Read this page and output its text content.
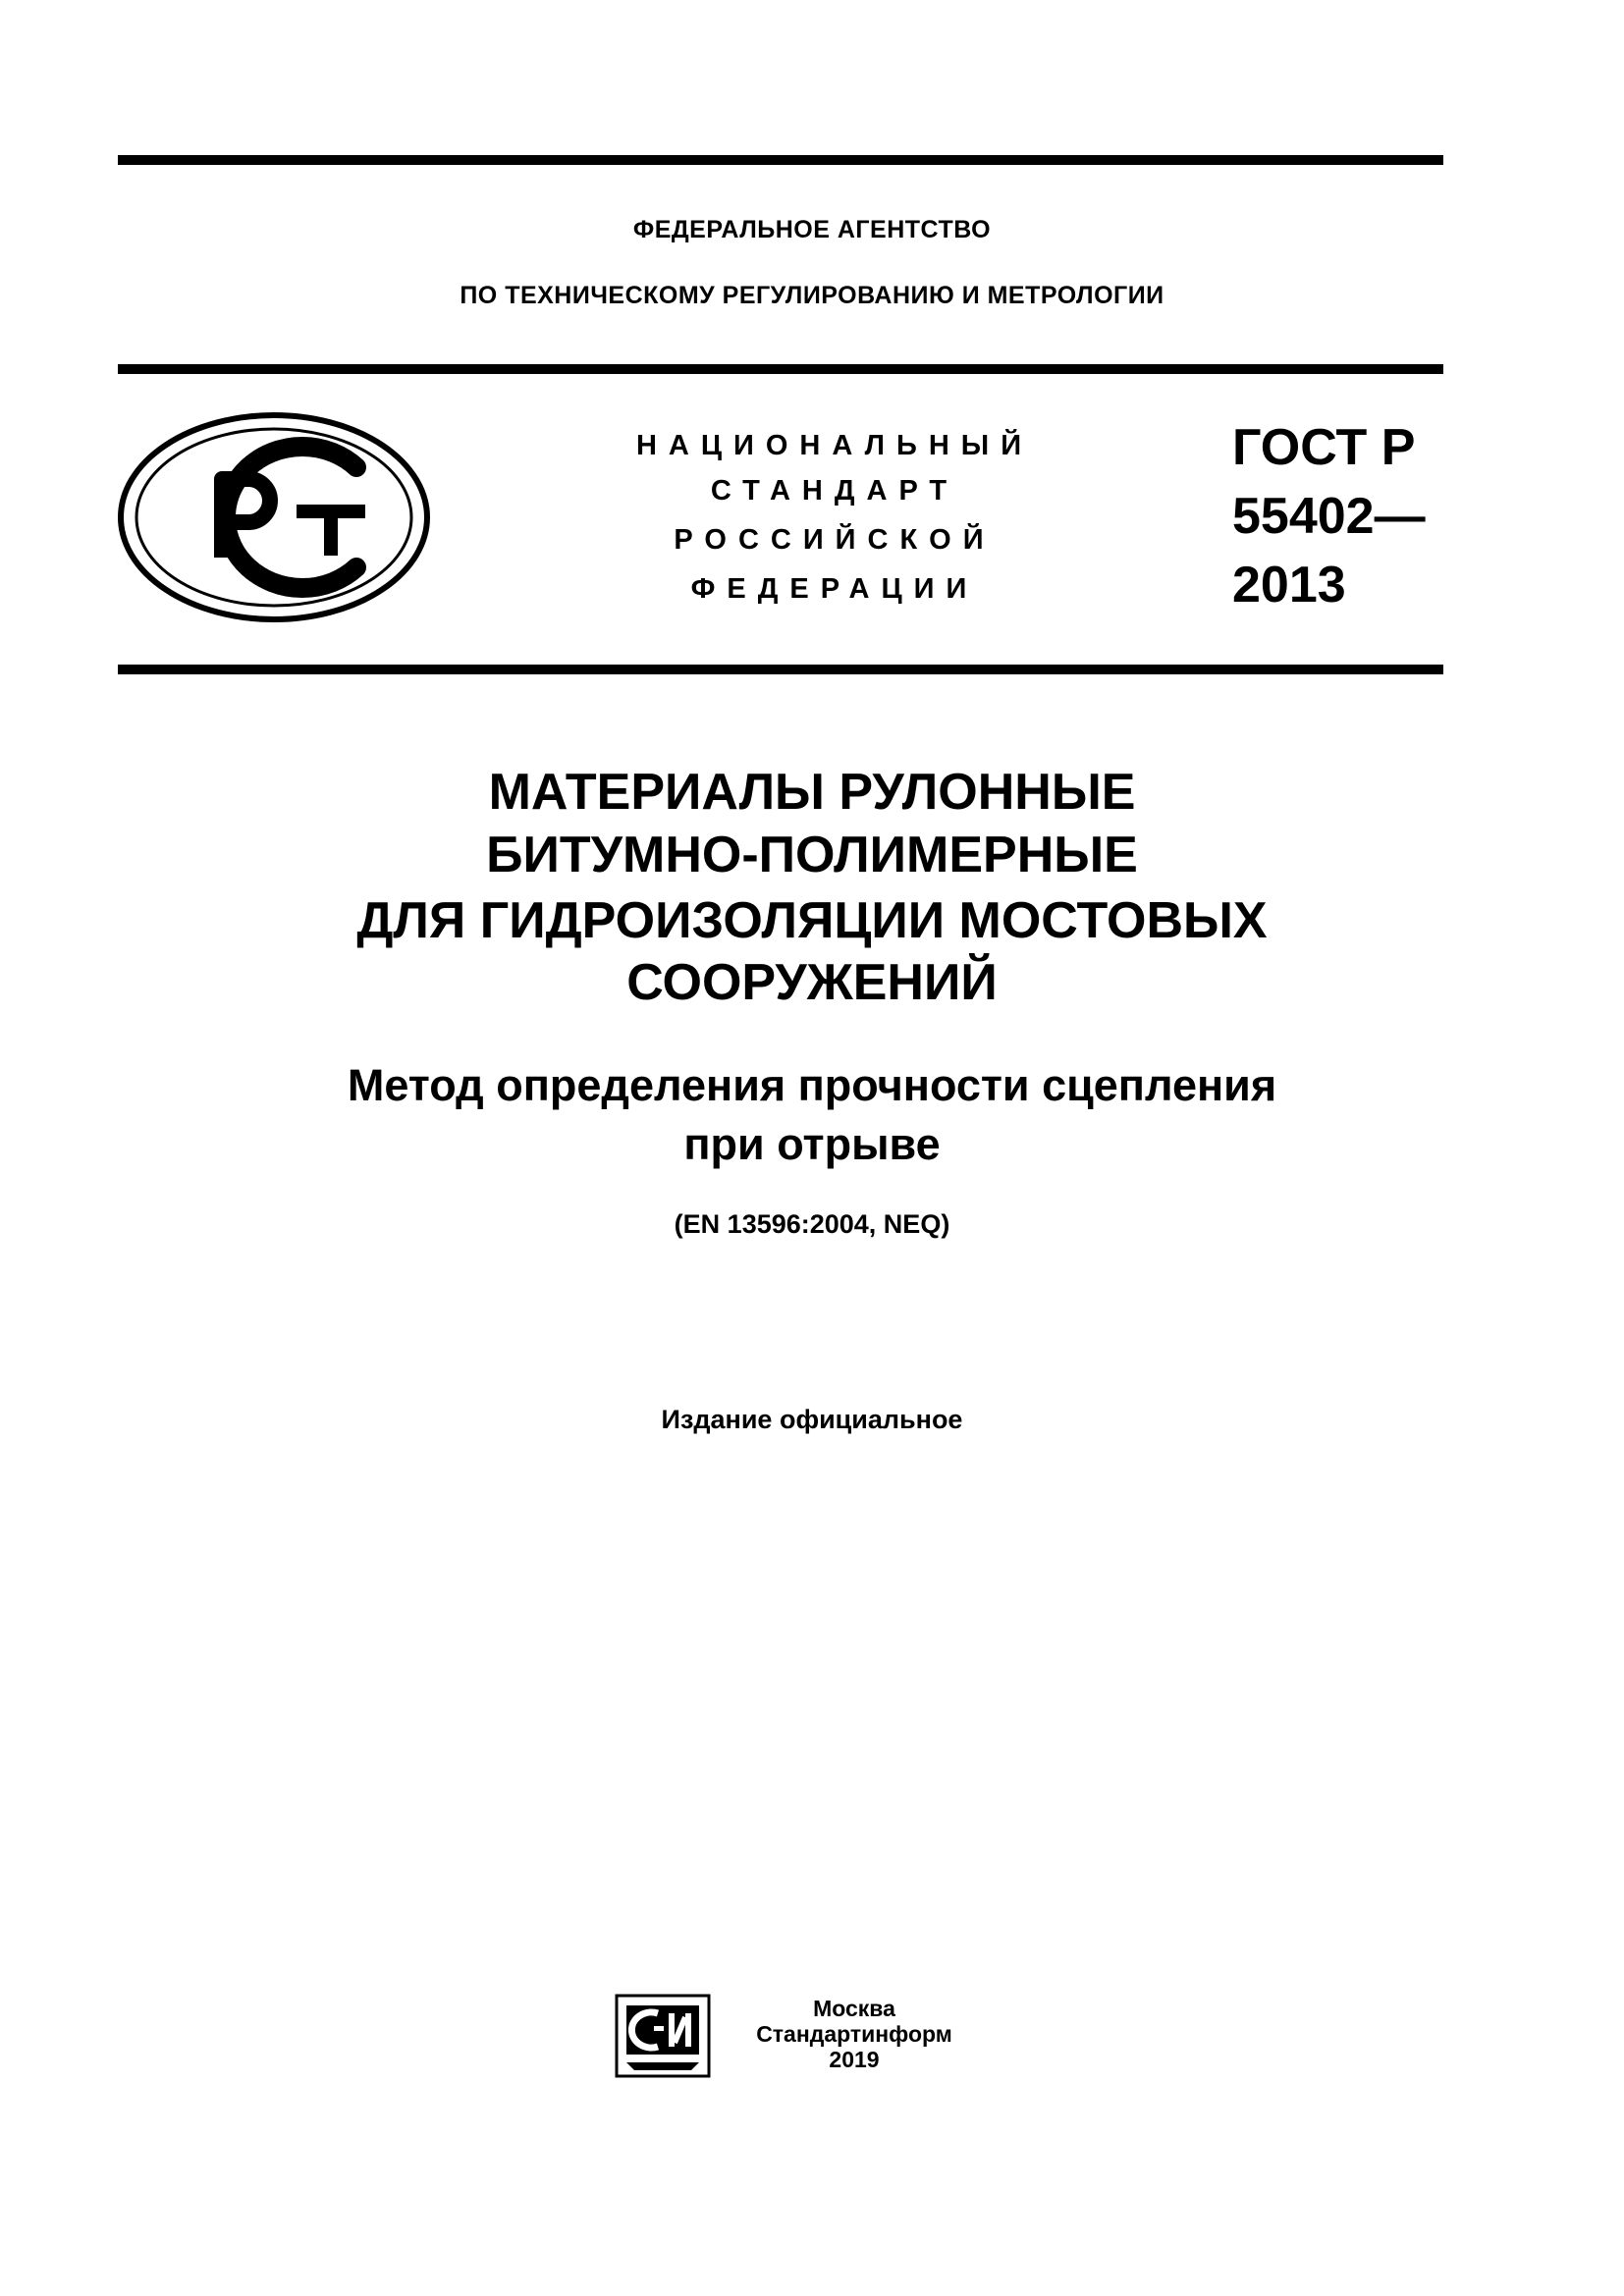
ФЕДЕРАЛЬНОЕ АГЕНТСТВО
ПО ТЕХНИЧЕСКОМУ РЕГУЛИРОВАНИЮ И МЕТРОЛОГИИ
НАЦИОНАЛЬНЫЙ
СТАНДАРТ
РОССИЙСКОЙ
ФЕДЕРАЦИИ
ГОСТ Р
55402—
2013
МАТЕРИАЛЫ РУЛОННЫЕ
БИТУМНО-ПОЛИМЕРНЫЕ
ДЛЯ ГИДРОИЗОЛЯЦИИ МОСТОВЫХ
СООРУЖЕНИЙ
Метод определения прочности сцепления
при отрыве
(EN 13596:2004, NEQ)
Издание официальное
Москва
Стандартинформ
2019
